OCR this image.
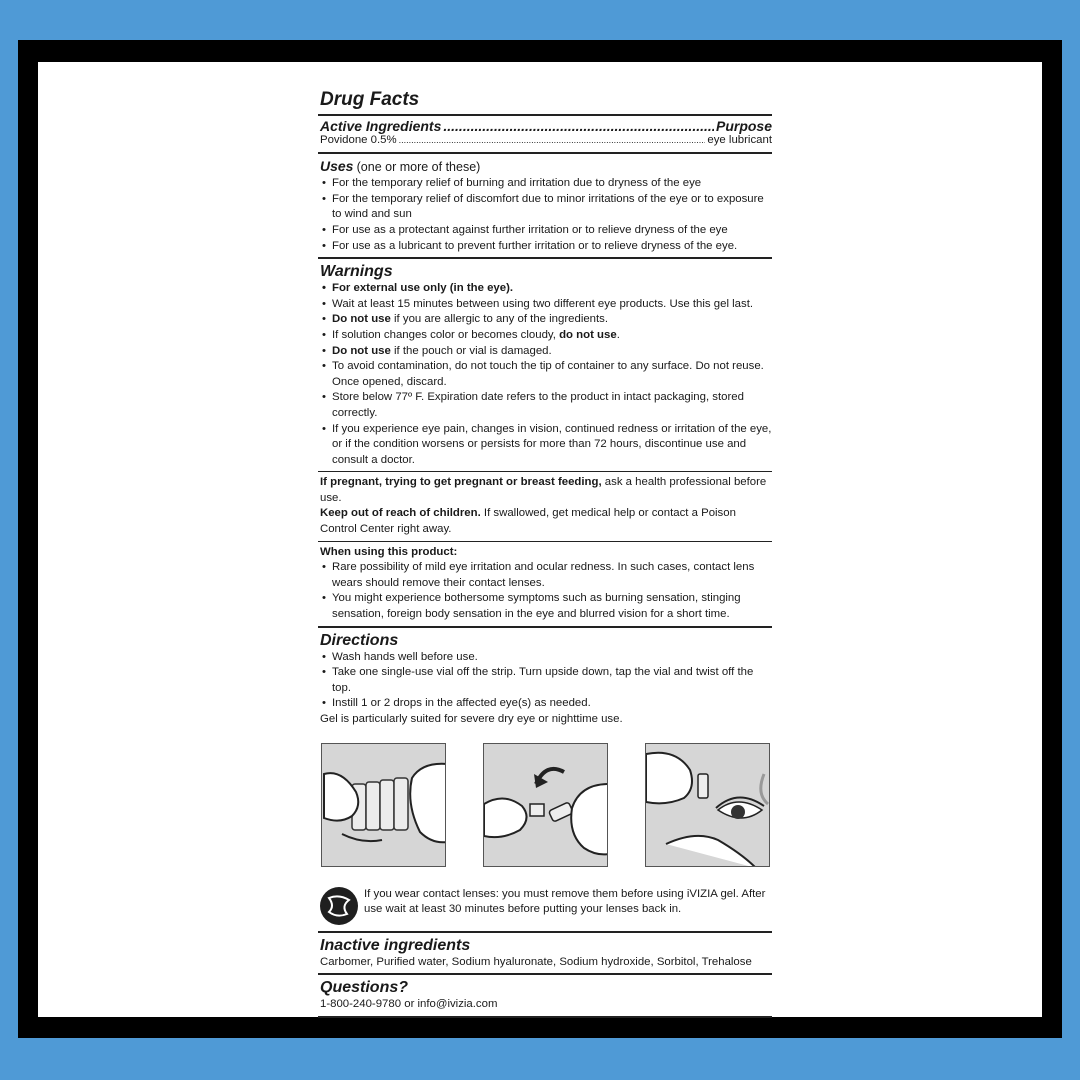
Drug Facts
Active Ingredients .....	Purpose
Povidone 0.5% .....	eye lubricant
Uses (one or more of these)
• For the temporary relief of burning and irritation due to dryness of the eye
• For the temporary relief of discomfort due to minor irritations of the eye or to exposure to wind and sun
• For use as a protectant against further irritation or to relieve dryness of the eye
• For use as a lubricant to prevent further irritation or to relieve dryness of the eye.
Warnings
• For external use only (in the eye).
• Wait at least 15 minutes between using two different eye products. Use this gel last.
• Do not use if you are allergic to any of the ingredients.
• If solution changes color or becomes cloudy, do not use.
• Do not use if the pouch or vial is damaged.
• To avoid contamination, do not touch the tip of container to any surface. Do not reuse. Once opened, discard.
• Store below 77º F. Expiration date refers to the product in intact packaging, stored correctly.
• If you experience eye pain, changes in vision, continued redness or irritation of the eye, or if the condition worsens or persists for more than 72 hours, discontinue use and consult a doctor.
If pregnant, trying to get pregnant or breast feeding, ask a health professional before use.
Keep out of reach of children. If swallowed, get medical help or contact a Poison Control Center right away.
When using this product:
• Rare possibility of mild eye irritation and ocular redness. In such cases, contact lens wears should remove their contact lenses.
• You might experience bothersome symptoms such as burning sensation, stinging sensation, foreign body sensation in the eye and blurred vision for a short time.
Directions
• Wash hands well before use.
• Take one single-use vial off the strip. Turn upside down, tap the vial and twist off the top.
• Instill 1 or 2 drops in the affected eye(s) as needed.
Gel is particularly suited for severe dry eye or nighttime use.
If you wear contact lenses: you must remove them before using iVIZIA gel. After use wait at least 30 minutes before putting your lenses back in.
Inactive ingredients
Carbomer, Purified water, Sodium hyaluronate, Sodium hydroxide, Sorbitol, Trehalose
Questions?
1-800-240-9780 or info@ivizia.com
